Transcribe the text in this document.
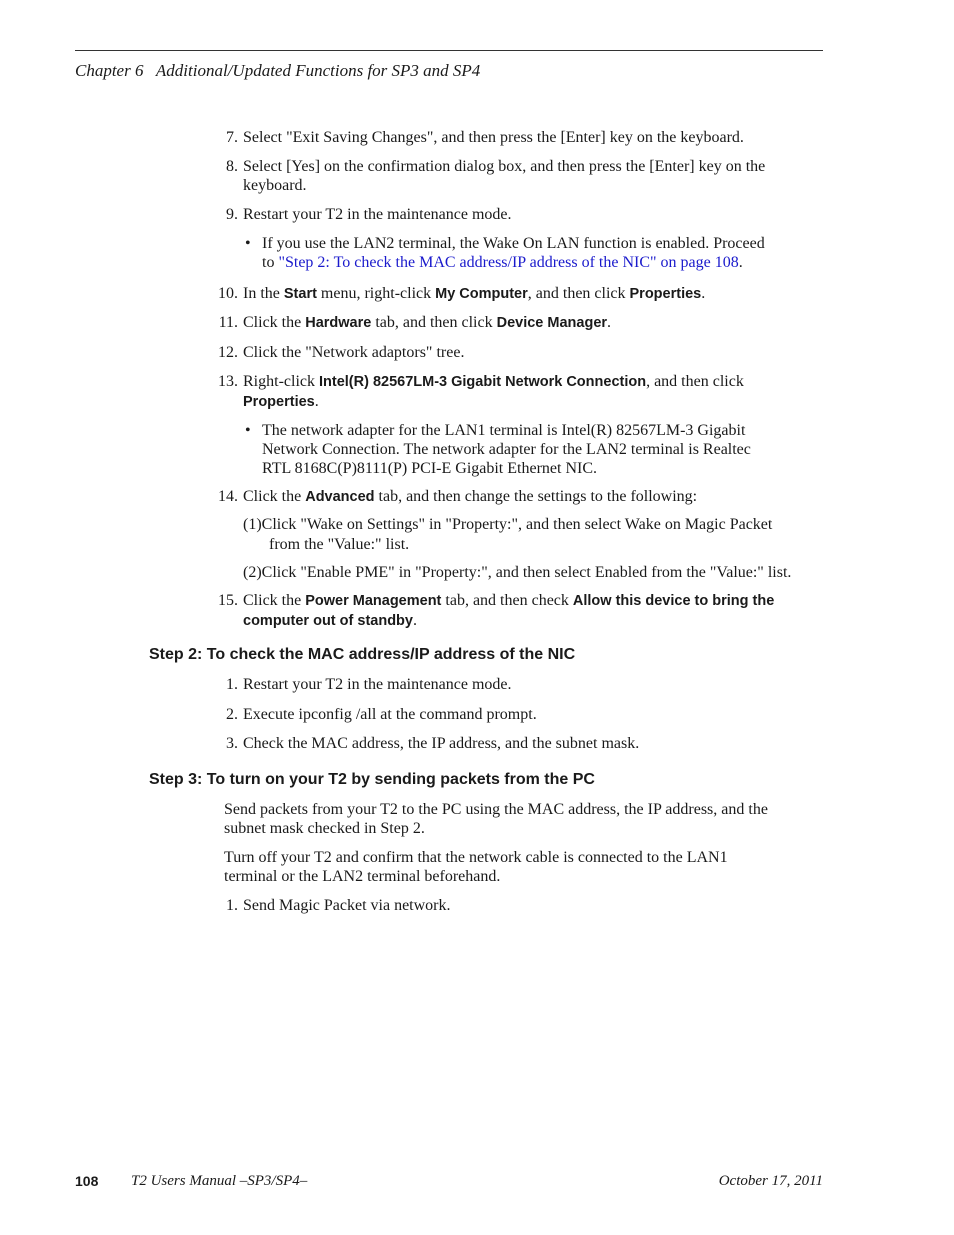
Chapter 6   Additional/Updated Functions for SP3 and SP4
7. Select "Exit Saving Changes", and then press the [Enter] key on the keyboard.
8. Select [Yes] on the confirmation dialog box, and then press the [Enter] key on the
keyboard.
9. Restart your T2 in the maintenance mode.
• If you use the LAN2 terminal, the Wake On LAN function is enabled. Proceed
to "Step 2: To check the MAC address/IP address of the NIC" on page 108.
10. In the Start menu, right-click My Computer, and then click Properties.
11. Click the Hardware tab, and then click Device Manager.
12. Click the "Network adaptors" tree.
13. Right-click Intel(R) 82567LM-3 Gigabit Network Connection, and then click
Properties.
• The network adapter for the LAN1 terminal is Intel(R) 82567LM-3 Gigabit
Network Connection. The network adapter for the LAN2 terminal is Realtec
RTL 8168C(P)8111(P) PCI-E Gigabit Ethernet NIC.
14. Click the Advanced tab, and then change the settings to the following:
(1)Click "Wake on Settings" in "Property:", and then select Wake on Magic Packet
from the "Value:" list.
(2)Click "Enable PME" in "Property:", and then select Enabled from the "Value:" list.
15. Click the Power Management tab, and then check Allow this device to bring the
computer out of standby.
Step 2: To check the MAC address/IP address of the NIC
1. Restart your T2 in the maintenance mode.
2. Execute ipconfig /all at the command prompt.
3. Check the MAC address, the IP address, and the subnet mask.
Step 3: To turn on your T2 by sending packets from the PC
Send packets from your T2 to the PC using the MAC address, the IP address, and the
subnet mask checked in Step 2.
Turn off your T2 and confirm that the network cable is connected to the LAN1
terminal or the LAN2 terminal beforehand.
1. Send Magic Packet via network.
108 T2 Users Manual –SP3/SP4–	October 17, 2011
